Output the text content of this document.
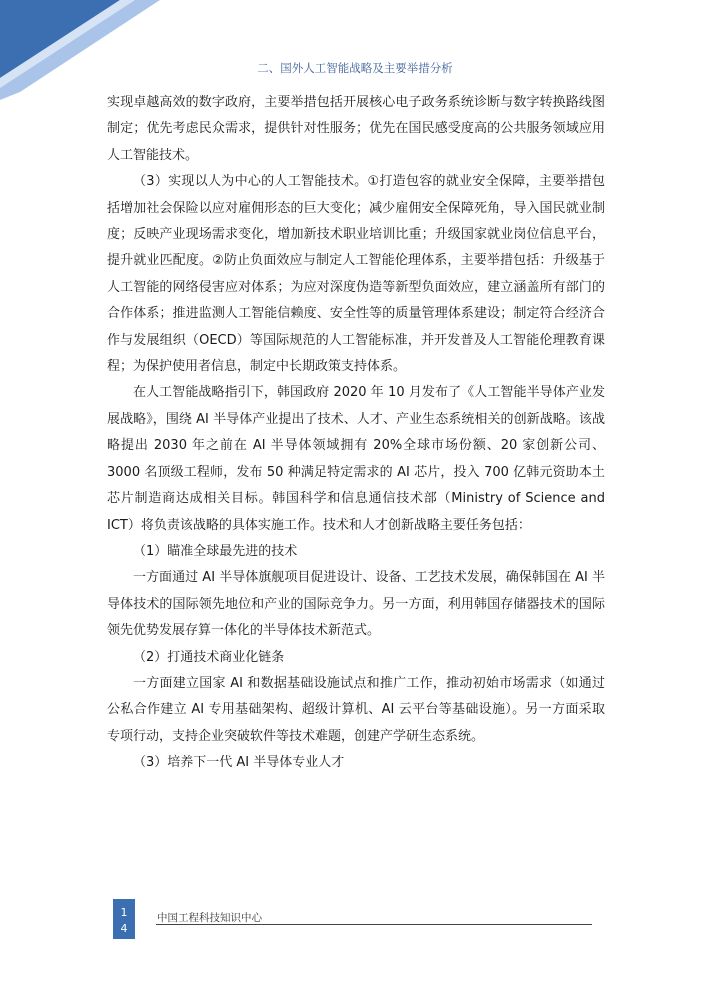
二、国外人工智能战略及主要举措分析

实现卓越高效的数字政府，主要举措包括开展核心电子政务系统诊断与数字转换路线图制定；优先考虑民众需求，提供针对性服务；优先在国民感受度高的公共服务领域应用人工智能技术。

（3）实现以人为中心的人工智能技术。①打造包容的就业安全保障，主要举措包括增加社会保险以应对雇佣形态的巨大变化；减少雇佣安全保障死角，导入国民就业制度；反映产业现场需求变化，增加新技术职业培训比重；升级国家就业岗位信息平台，提升就业匹配度。②防止负面效应与制定人工智能伦理体系，主要举措包括：升级基于人工智能的网络侵害应对体系；为应对深度伪造等新型负面效应，建立涵盖所有部门的合作体系；推进监测人工智能信赖度、安全性等的质量管理体系建设；制定符合经济合作与发展组织（OECD）等国际规范的人工智能标准，并开发普及人工智能伦理教育课程；为保护使用者信息，制定中长期政策支持体系。

在人工智能战略指引下，韩国政府 2020 年 10 月发布了《人工智能半导体产业发展战略》，围绕 AI 半导体产业提出了技术、人才、产业生态系统相关的创新战略。该战略提出 2030 年之前在 AI 半导体领域拥有 20%全球市场份额、20 家创新公司、3000 名顶级工程师，发布 50 种满足特定需求的 AI 芯片，投入 700 亿韩元资助本土芯片制造商达成相关目标。韩国科学和信息通信技术部（Ministry of Science and ICT）将负责该战略的具体实施工作。技术和人才创新战略主要任务包括：

（1）瞄准全球最先进的技术

一方面通过 AI 半导体旗舰项目促进设计、设备、工艺技术发展，确保韩国在 AI 半导体技术的国际领先地位和产业的国际竞争力。另一方面，利用韩国存储器技术的国际领先优势发展存算一体化的半导体技术新范式。

（2）打通技术商业化链条

一方面建立国家 AI 和数据基础设施试点和推广工作，推动初始市场需求（如通过公私合作建立 AI 专用基础架构、超级计算机、AI 云平台等基础设施）。另一方面采取专项行动，支持企业突破软件等技术难题，创建产学研生态系统。

（3）培养下一代 AI 半导体专业人才

1
4
中国工程科技知识中心
